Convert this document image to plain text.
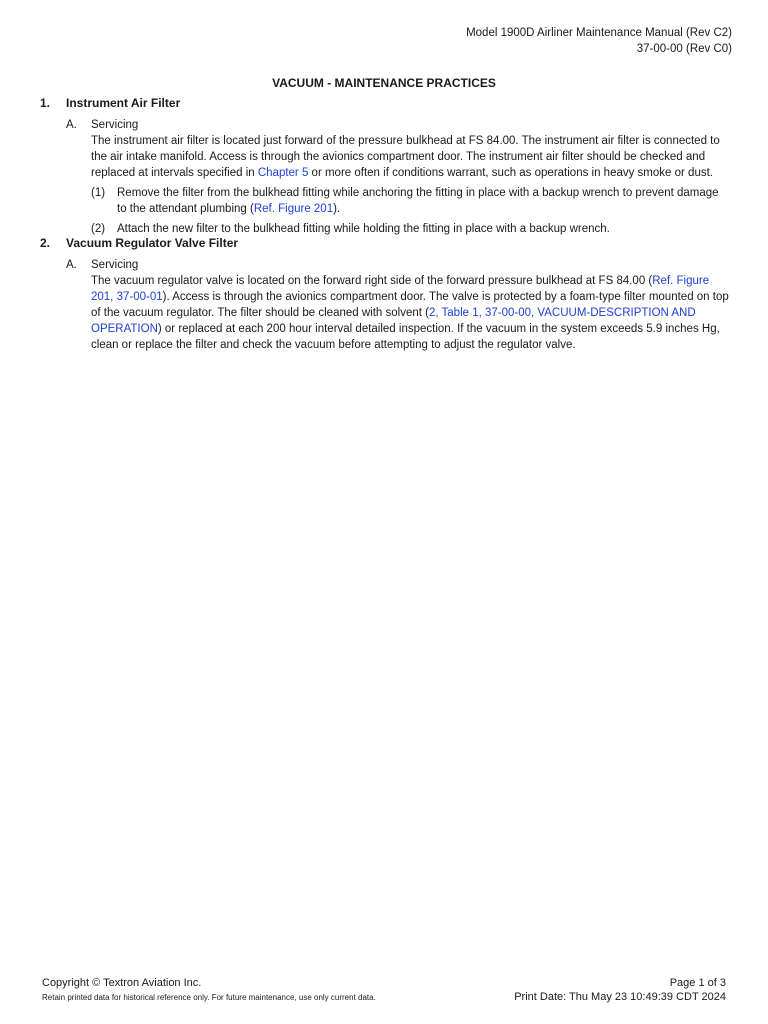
Model 1900D Airliner Maintenance Manual (Rev C2)
37-00-00 (Rev C0)
VACUUM - MAINTENANCE PRACTICES
1.	Instrument Air Filter
A.	Servicing
The instrument air filter is located just forward of the pressure bulkhead at FS 84.00. The instrument air filter is connected to the air intake manifold. Access is through the avionics compartment door. The instrument air filter should be checked and replaced at intervals specified in Chapter 5 or more often if conditions warrant, such as operations in heavy smoke or dust.
(1)	Remove the filter from the bulkhead fitting while anchoring the fitting in place with a backup wrench to prevent damage to the attendant plumbing (Ref. Figure 201).
(2)	Attach the new filter to the bulkhead fitting while holding the fitting in place with a backup wrench.
2.	Vacuum Regulator Valve Filter
A.	Servicing
The vacuum regulator valve is located on the forward right side of the forward pressure bulkhead at FS 84.00 (Ref. Figure 201, 37-00-01). Access is through the avionics compartment door. The valve is protected by a foam-type filter mounted on top of the vacuum regulator. The filter should be cleaned with solvent (2, Table 1, 37-00-00, VACUUM-DESCRIPTION AND OPERATION) or replaced at each 200 hour interval detailed inspection. If the vacuum in the system exceeds 5.9 inches Hg, clean or replace the filter and check the vacuum before attempting to adjust the regulator valve.
Copyright © Textron Aviation Inc.
Retain printed data for historical reference only. For future maintenance, use only current data.
Page 1 of 3
Print Date: Thu May 23 10:49:39 CDT 2024
